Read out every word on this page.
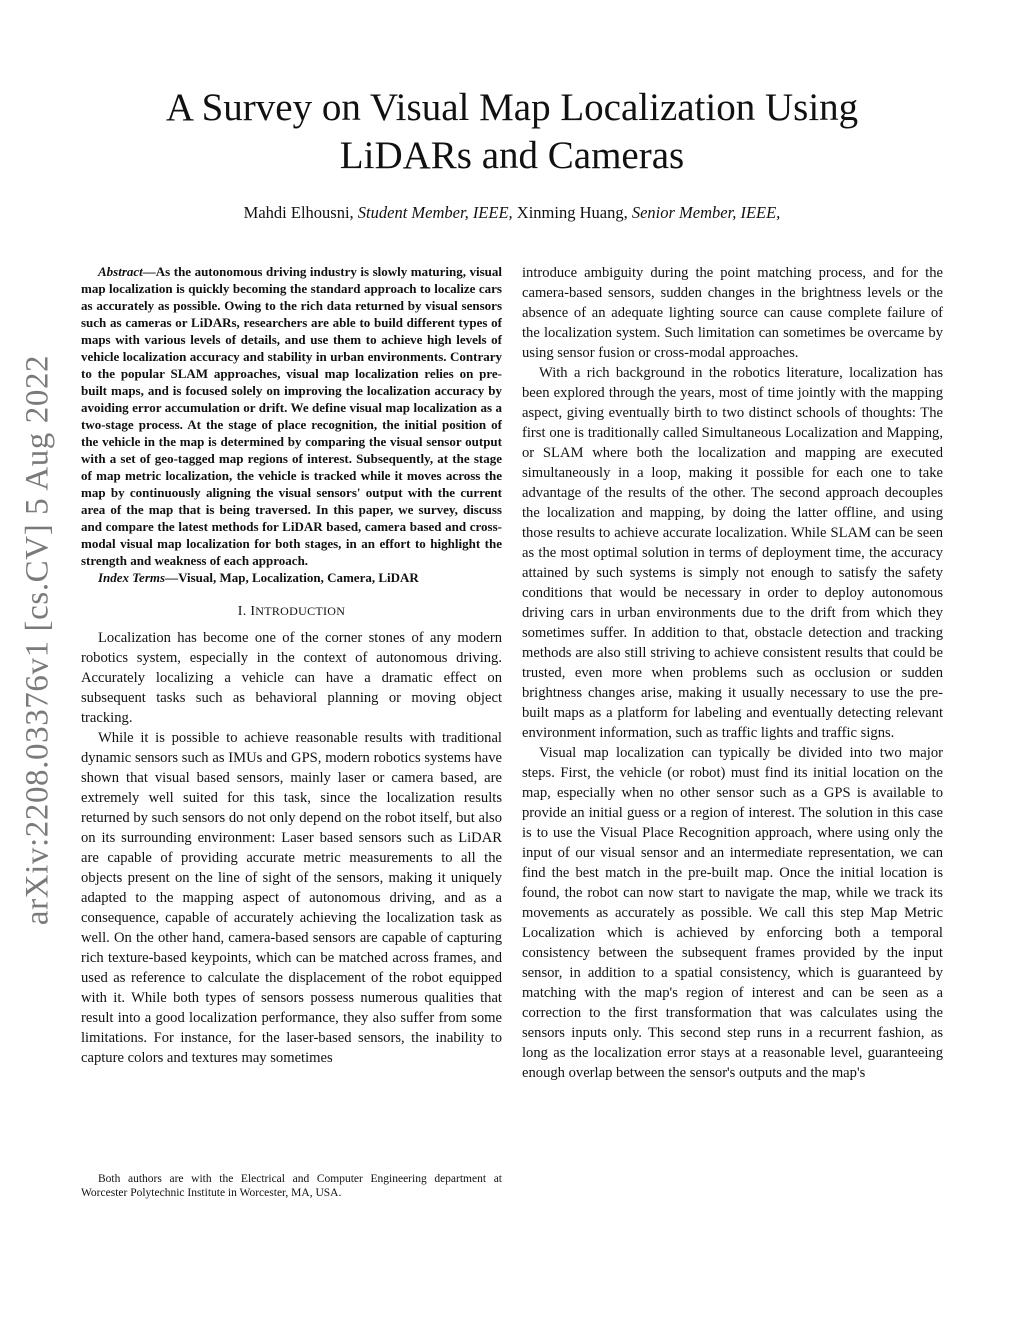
arXiv:2208.03376v1 [cs.CV] 5 Aug 2022
A Survey on Visual Map Localization Using
LiDARs and Cameras
Mahdi Elhousni, Student Member, IEEE, Xinming Huang, Senior Member, IEEE,

Abstract—As the autonomous driving industry is slowly maturing, visual map localization is quickly becoming the standard approach to localize cars as accurately as possible. Owing to the rich data returned by visual sensors such as cameras or LiDARs, researchers are able to build different types of maps with various levels of details, and use them to achieve high levels of vehicle localization accuracy and stability in urban environments. Contrary to the popular SLAM approaches, visual map localization relies on pre-built maps, and is focused solely on improving the localization accuracy by avoiding error accumulation or drift. We define visual map localization as a two-stage process. At the stage of place recognition, the initial position of the vehicle in the map is determined by comparing the visual sensor output with a set of geo-tagged map regions of interest. Subsequently, at the stage of map metric localization, the vehicle is tracked while it moves across the map by continuously aligning the visual sensors' output with the current area of the map that is being traversed. In this paper, we survey, discuss and compare the latest methods for LiDAR based, camera based and cross-modal visual map localization for both stages, in an effort to highlight the strength and weakness of each approach.

Index Terms—Visual, Map, Localization, Camera, LiDAR

I. INTRODUCTION

Localization has become one of the corner stones of any modern robotics system, especially in the context of autonomous driving. Accurately localizing a vehicle can have a dramatic effect on subsequent tasks such as behavioral planning or moving object tracking.

While it is possible to achieve reasonable results with traditional dynamic sensors such as IMUs and GPS, modern robotics systems have shown that visual based sensors, mainly laser or camera based, are extremely well suited for this task, since the localization results returned by such sensors do not only depend on the robot itself, but also on its surrounding environment: Laser based sensors such as LiDAR are capable of providing accurate metric measurements to all the objects present on the line of sight of the sensors, making it uniquely adapted to the mapping aspect of autonomous driving, and as a consequence, capable of accurately achieving the localization task as well. On the other hand, camera-based sensors are capable of capturing rich texture-based keypoints, which can be matched across frames, and used as reference to calculate the displacement of the robot equipped with it. While both types of sensors possess numerous qualities that result into a good localization performance, they also suffer from some limitations. For instance, for the laser-based sensors, the inability to capture colors and textures may sometimes

Both authors are with the Electrical and Computer Engineering department at Worcester Polytechnic Institute in Worcester, MA, USA.

introduce ambiguity during the point matching process, and for the camera-based sensors, sudden changes in the brightness levels or the absence of an adequate lighting source can cause complete failure of the localization system. Such limitation can sometimes be overcame by using sensor fusion or cross-modal approaches.

With a rich background in the robotics literature, localization has been explored through the years, most of time jointly with the mapping aspect, giving eventually birth to two distinct schools of thoughts: The first one is traditionally called Simultaneous Localization and Mapping, or SLAM where both the localization and mapping are executed simultaneously in a loop, making it possible for each one to take advantage of the results of the other. The second approach decouples the localization and mapping, by doing the latter offline, and using those results to achieve accurate localization. While SLAM can be seen as the most optimal solution in terms of deployment time, the accuracy attained by such systems is simply not enough to satisfy the safety conditions that would be necessary in order to deploy autonomous driving cars in urban environments due to the drift from which they sometimes suffer. In addition to that, obstacle detection and tracking methods are also still striving to achieve consistent results that could be trusted, even more when problems such as occlusion or sudden brightness changes arise, making it usually necessary to use the pre-built maps as a platform for labeling and eventually detecting relevant environment information, such as traffic lights and traffic signs.

Visual map localization can typically be divided into two major steps. First, the vehicle (or robot) must find its initial location on the map, especially when no other sensor such as a GPS is available to provide an initial guess or a region of interest. The solution in this case is to use the Visual Place Recognition approach, where using only the input of our visual sensor and an intermediate representation, we can find the best match in the pre-built map. Once the initial location is found, the robot can now start to navigate the map, while we track its movements as accurately as possible. We call this step Map Metric Localization which is achieved by enforcing both a temporal consistency between the subsequent frames provided by the input sensor, in addition to a spatial consistency, which is guaranteed by matching with the map's region of interest and can be seen as a correction to the first transformation that was calculates using the sensors inputs only. This second step runs in a recurrent fashion, as long as the localization error stays at a reasonable level, guaranteeing enough overlap between the sensor's outputs and the map's
